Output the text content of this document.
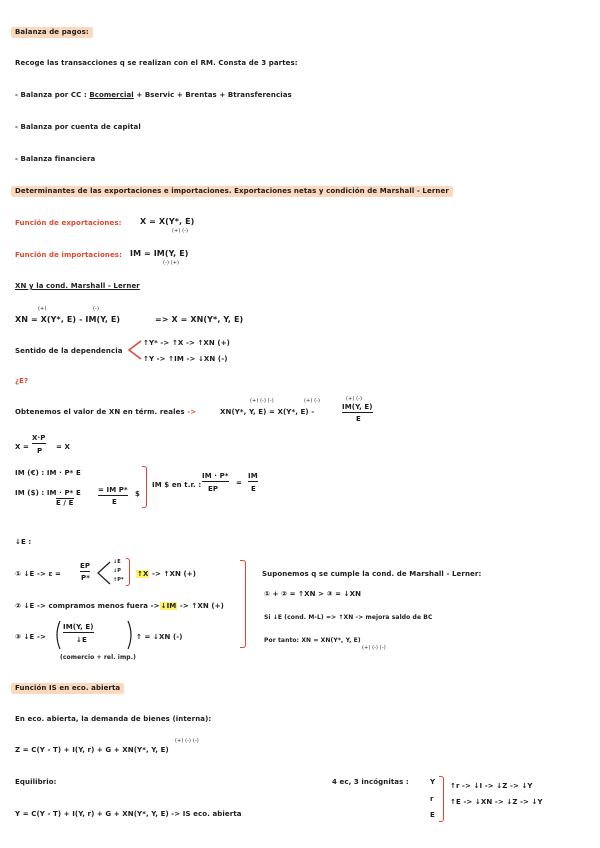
Balanza de pagos:
Recoge las transacciones q se realizan con el RM. Consta de 3 partes:
- Balanza por CC : Bcomercial + Bservic + Brentas + Btransferencias
- Balanza por cuenta de capital
- Balanza financiera
Determinantes de las exportaciones e importaciones. Exportaciones netas y condición de Marshall - Lerner
Función de exportaciones: X = X(Y*, E)
(+) (-)
Función de importaciones: IM = IM(Y, E)
(-) (+)
XN y la cond. Marshall - Lerner
(+)	(-)
XN = X(Y*, E) - IM(Y, E)	=> X = XN(Y*, Y, E)
Sentido de la dependencia
↑Y* -> ↑X -> ↑XN (+)
↑Y -> ↑IM -> ↓XN (-)
¿E?
Obtenemos el valor de XN en térm. reales ->
(+) (-) (-)	(+) (-)	(+) (-)
XN(Y*, Y, E) = X(Y*, E) -
IM(Y, E)
E
X =
X·P
P = X
IM (€) : IM · P* E
IM ($) : IM · P* E
E / E
= IM P*
E
$
IM $ en t.r. :
IM · P*
EP
=
IM
E
↓E :
① ↓E -> ε =
EP
P*
↓E
↓P
↑P*
↑X -> ↑XN (+)
② ↓E -> compramos menos fuera ->↓IM -> ↑XN (+)
③ ↓E ->
IM(Y, E)
↓E	↑ = ↓XN (-)
(comercio + rel. imp.)
Suponemos q se cumple la cond. de Marshall - Lerner:
① + ② = ↑XN > ③ = ↓XN
Si ↓E (cond. M-L) => ↑XN -> mejora saldo de BC
Por tanto: XN = XN(Y*, Y, E)
(+) (-) (-)
Función IS en eco. abierta
En eco. abierta, la demanda de bienes (interna):
(+) (-) (-)
Z = C(Y - T) + I(Y, r) + G + XN(Y*, Y, E)
Equilibrio:
Y = C(Y - T) + I(Y, r) + G + XN(Y*, Y, E) -> IS eco. abierta
4 ec, 3 incógnitas :	Y
r
E
↑r -> ↓I -> ↓Z -> ↓Y
↑E -> ↓XN -> ↓Z -> ↓Y
